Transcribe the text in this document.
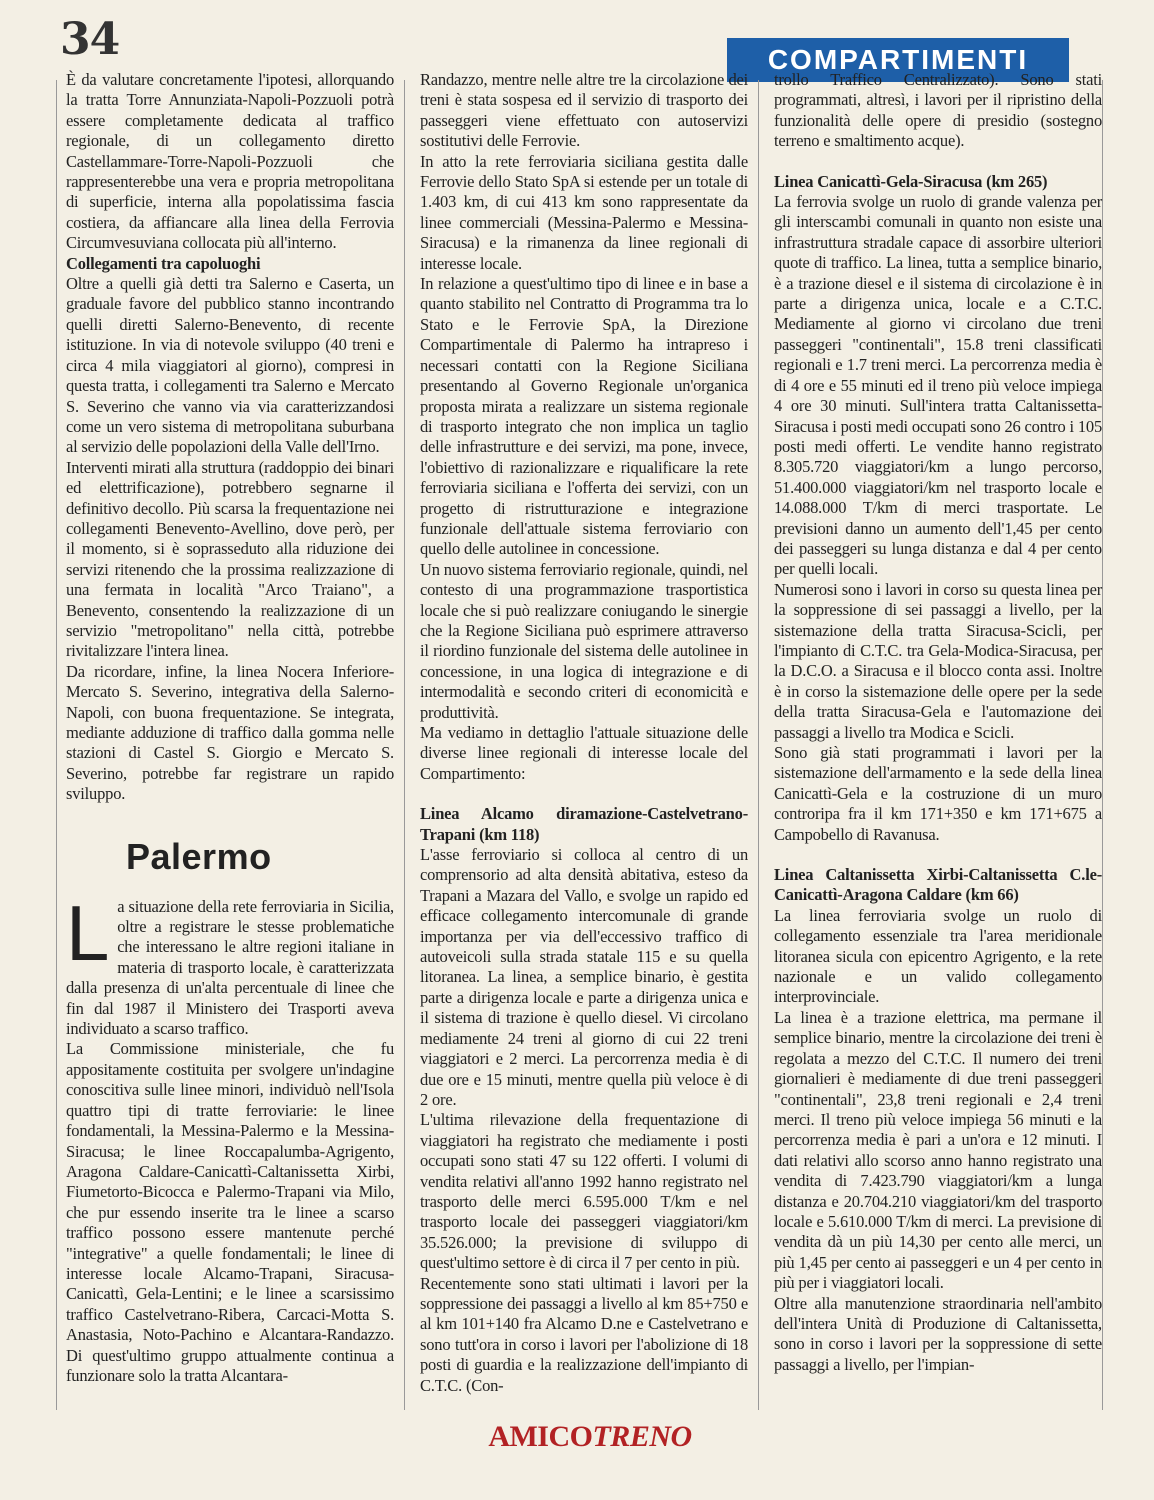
34	COMPARTIMENTI

È da valutare concretamente l'ipotesi, allorquando la tratta Torre Annunziata-Napoli-Pozzuoli potrà essere completamente dedicata al traffico regionale, di un collegamento diretto Castellammare-Torre-Napoli-Pozzuoli che rappresenterebbe una vera e propria metropolitana di superficie, interna alla popolatissima fascia costiera, da affiancare alla linea della Ferrovia Circumvesuviana collocata più all'interno.

Collegamenti tra capoluoghi

Oltre a quelli già detti tra Salerno e Caserta, un graduale favore del pubblico stanno incontrando quelli diretti Salerno-Benevento, di recente istituzione. In via di notevole sviluppo (40 treni e circa 4 mila viaggiatori al giorno), compresi in questa tratta, i collegamenti tra Salerno e Mercato S. Severino che vanno via via caratterizzandosi come un vero sistema di metropolitana suburbana al servizio delle popolazioni della Valle dell'Irno.

Interventi mirati alla struttura (raddoppio dei binari ed elettrificazione), potrebbero segnarne il definitivo decollo. Più scarsa la frequentazione nei collegamenti Benevento-Avellino, dove però, per il momento, si è soprasseduto alla riduzione dei servizi ritenendo che la prossima realizzazione di una fermata in località "Arco Traiano", a Benevento, consentendo la realizzazione di un servizio "metropolitano" nella città, potrebbe rivitalizzare l'intera linea.

Da ricordare, infine, la linea Nocera Inferiore-Mercato S. Severino, integrativa della Salerno-Napoli, con buona frequentazione. Se integrata, mediante adduzione di traffico dalla gomma nelle stazioni di Castel S. Giorgio e Mercato S. Severino, potrebbe far registrare un rapido sviluppo.

Palermo

La situazione della rete ferroviaria in Sicilia, oltre a registrare le stesse problematiche che interessano le altre regioni italiane in materia di trasporto locale, è caratterizzata dalla presenza di un'alta percentuale di linee che fin dal 1987 il Ministero dei Trasporti aveva individuato a scarso traffico.

La Commissione ministeriale, che fu appositamente costituita per svolgere un'indagine conoscitiva sulle linee minori, individuò nell'Isola quattro tipi di tratte ferroviarie: le linee fondamentali, la Messina-Palermo e la Messina-Siracusa; le linee Roccapalumba-Agrigento, Aragona Caldare-Canicattì-Caltanissetta Xirbi, Fiumetorto-Bicocca e Palermo-Trapani via Milo, che pur essendo inserite tra le linee a scarso traffico possono essere mantenute perché "integrative" a quelle fondamentali; le linee di interesse locale Alcamo-Trapani, Siracusa-Canicattì, Gela-Lentini; e le linee a scarsissimo traffico Castelvetrano-Ribera, Carcaci-Motta S. Anastasia, Noto-Pachino e Alcantara-Randazzo. Di quest'ultimo gruppo attualmente continua a funzionare solo la tratta Alcantara-

Randazzo, mentre nelle altre tre la circolazione dei treni è stata sospesa ed il servizio di trasporto dei passeggeri viene effettuato con autoservizi sostitutivi delle Ferrovie.

In atto la rete ferroviaria siciliana gestita dalle Ferrovie dello Stato SpA si estende per un totale di 1.403 km, di cui 413 km sono rappresentate da linee commerciali (Messina-Palermo e Messina-Siracusa) e la rimanenza da linee regionali di interesse locale.

In relazione a quest'ultimo tipo di linee e in base a quanto stabilito nel Contratto di Programma tra lo Stato e le Ferrovie SpA, la Direzione Compartimentale di Palermo ha intrapreso i necessari contatti con la Regione Siciliana presentando al Governo Regionale un'organica proposta mirata a realizzare un sistema regionale di trasporto integrato che non implica un taglio delle infrastrutture e dei servizi, ma pone, invece, l'obiettivo di razionalizzare e riqualificare la rete ferroviaria siciliana e l'offerta dei servizi, con un progetto di ristrutturazione e integrazione funzionale dell'attuale sistema ferroviario con quello delle autolinee in concessione.

Un nuovo sistema ferroviario regionale, quindi, nel contesto di una programmazione trasportistica locale che si può realizzare coniugando le sinergie che la Regione Siciliana può esprimere attraverso il riordino funzionale del sistema delle autolinee in concessione, in una logica di integrazione e di intermodalità e secondo criteri di economicità e produttività.

Ma vediamo in dettaglio l'attuale situazione delle diverse linee regionali di interesse locale del Compartimento:

Linea Alcamo diramazione-Castelvetrano-Trapani (km 118)

L'asse ferroviario si colloca al centro di un comprensorio ad alta densità abitativa, esteso da Trapani a Mazara del Vallo, e svolge un rapido ed efficace collegamento intercomunale di grande importanza per via dell'eccessivo traffico di autoveicoli sulla strada statale 115 e su quella litoranea. La linea, a semplice binario, è gestita parte a dirigenza locale e parte a dirigenza unica e il sistema di trazione è quello diesel. Vi circolano mediamente 24 treni al giorno di cui 22 treni viaggiatori e 2 merci. La percorrenza media è di due ore e 15 minuti, mentre quella più veloce è di 2 ore.

L'ultima rilevazione della frequentazione di viaggiatori ha registrato che mediamente i posti occupati sono stati 47 su 122 offerti. I volumi di vendita relativi all'anno 1992 hanno registrato nel trasporto delle merci 6.595.000 T/km e nel trasporto locale dei passeggeri viaggiatori/km 35.526.000; la previsione di sviluppo di quest'ultimo settore è di circa il 7 per cento in più.

Recentemente sono stati ultimati i lavori per la soppressione dei passaggi a livello al km 85+750 e al km 101+140 fra Alcamo D.ne e Castelvetrano e sono tutt'ora in corso i lavori per l'abolizione di 18 posti di guardia e la realizzazione dell'impianto di C.T.C. (Con-

trollo Traffico Centralizzato). Sono stati programmati, altresì, i lavori per il ripristino della funzionalità delle opere di presidio (sostegno terreno e smaltimento acque).

Linea Canicattì-Gela-Siracusa (km 265)

La ferrovia svolge un ruolo di grande valenza per gli interscambi comunali in quanto non esiste una infrastruttura stradale capace di assorbire ulteriori quote di traffico. La linea, tutta a semplice binario, è a trazione diesel e il sistema di circolazione è in parte a dirigenza unica, locale e a C.T.C. Mediamente al giorno vi circolano due treni passeggeri "continentali", 15.8 treni classificati regionali e 1.7 treni merci. La percorrenza media è di 4 ore e 55 minuti ed il treno più veloce impiega 4 ore 30 minuti. Sull'intera tratta Caltanissetta-Siracusa i posti medi occupati sono 26 contro i 105 posti medi offerti. Le vendite hanno registrato 8.305.720 viaggiatori/km a lungo percorso, 51.400.000 viaggiatori/km nel trasporto locale e 14.088.000 T/km di merci trasportate. Le previsioni danno un aumento dell'1,45 per cento dei passeggeri su lunga distanza e dal 4 per cento per quelli locali.

Numerosi sono i lavori in corso su questa linea per la soppressione di sei passaggi a livello, per la sistemazione della tratta Siracusa-Scicli, per l'impianto di C.T.C. tra Gela-Modica-Siracusa, per la D.C.O. a Siracusa e il blocco conta assi. Inoltre è in corso la sistemazione delle opere per la sede della tratta Siracusa-Gela e l'automazione dei passaggi a livello tra Modica e Scicli.

Sono già stati programmati i lavori per la sistemazione dell'armamento e la sede della linea Canicattì-Gela e la costruzione di un muro controripa fra il km 171+350 e km 171+675 a Campobello di Ravanusa.

Linea Caltanissetta Xirbi-Caltanissetta C.le-Canicattì-Aragona Caldare (km 66)

La linea ferroviaria svolge un ruolo di collegamento essenziale tra l'area meridionale litoranea sicula con epicentro Agrigento, e la rete nazionale e un valido collegamento interprovinciale.

La linea è a trazione elettrica, ma permane il semplice binario, mentre la circolazione dei treni è regolata a mezzo del C.T.C. Il numero dei treni giornalieri è mediamente di due treni passeggeri "continentali", 23,8 treni regionali e 2,4 treni merci. Il treno più veloce impiega 56 minuti e la percorrenza media è pari a un'ora e 12 minuti. I dati relativi allo scorso anno hanno registrato una vendita di 7.423.790 viaggiatori/km a lunga distanza e 20.704.210 viaggiatori/km del trasporto locale e 5.610.000 T/km di merci. La previsione di vendita dà un più 14,30 per cento alle merci, un più 1,45 per cento ai passeggeri e un 4 per cento in più per i viaggiatori locali.

Oltre alla manutenzione straordinaria nell'ambito dell'intera Unità di Produzione di Caltanissetta, sono in corso i lavori per la soppressione di sette passaggi a livello, per l'impian-

AMICOTRENO
